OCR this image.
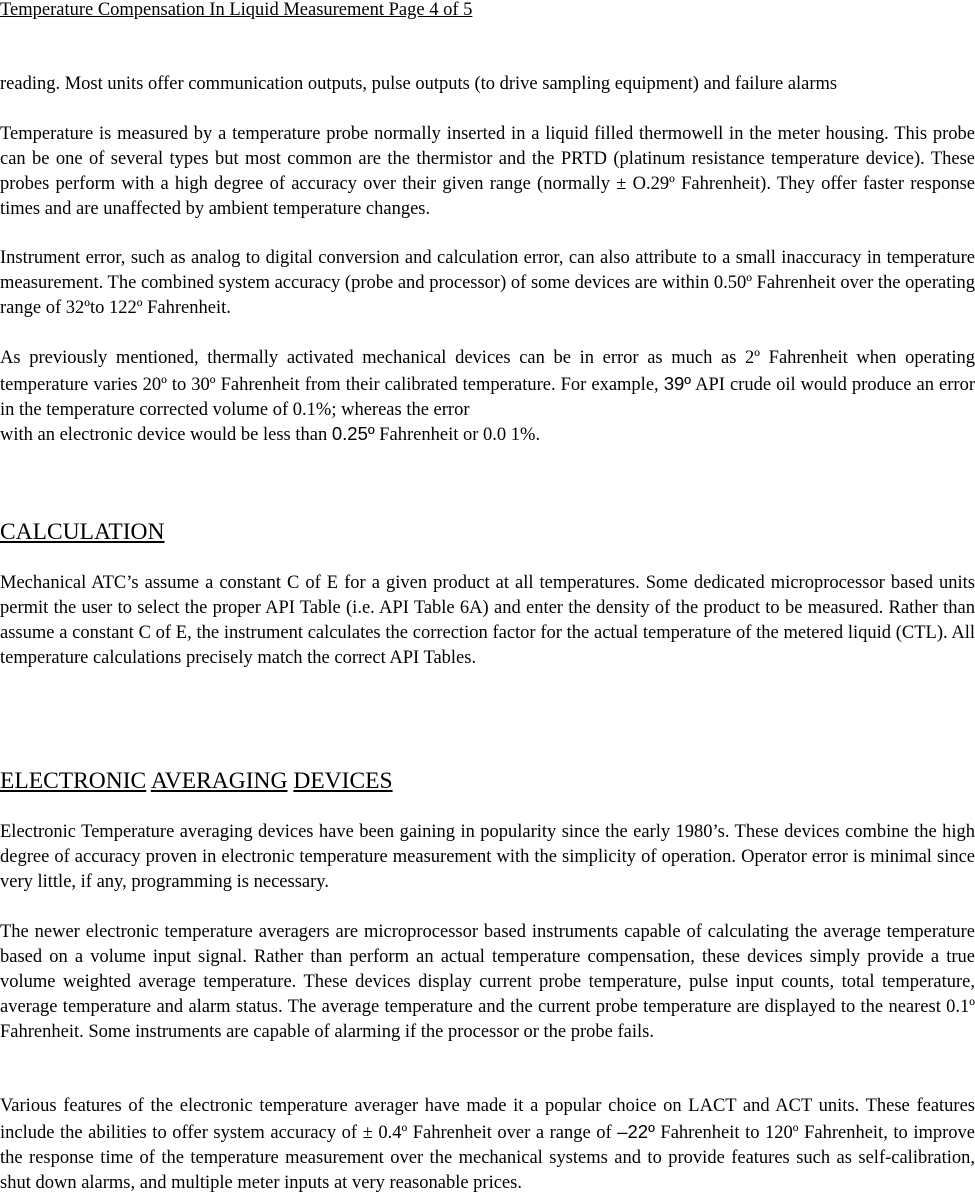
Temperature Compensation In Liquid Measurement Page 4 of 5

reading. Most units offer communication outputs, pulse outputs (to drive sampling equipment) and failure alarms

Temperature is measured by a temperature probe normally inserted in a liquid filled thermowell in the meter housing. This probe can be one of several types but most common are the thermistor and the PRTD (platinum resistance temperature device). These probes perform with a high degree of accuracy over their given range (normally ± O.29º Fahrenheit). They offer faster response times and are unaffected by ambient temperature changes.

Instrument error, such as analog to digital conversion and calculation error, can also attribute to a small inaccuracy in temperature measurement. The combined system accuracy (probe and processor) of some devices are within 0.50º Fahrenheit over the operating range of 32ºto 122º Fahrenheit.

As previously mentioned, thermally activated mechanical devices can be in error as much as 2º Fahrenheit when operating temperature varies 20º to 30º Fahrenheit from their calibrated temperature. For example, 39º API crude oil would produce an error in the temperature corrected volume of 0.1%; whereas the error

with an electronic device would be less than 0.25º Fahrenheit or 0.0 1%.

CALCULATION

Mechanical ATC’s assume a constant C of E for a given product at all temperatures. Some dedicated microprocessor based units permit the user to select the proper API Table (i.e. API Table 6A) and enter the density of the product to be measured. Rather than assume a constant C of E, the instrument calculates the correction factor for the actual temperature of the metered liquid (CTL). All temperature calculations precisely match the correct API Tables.

ELECTRONIC AVERAGING DEVICES

Electronic Temperature averaging devices have been gaining in popularity since the early 1980’s. These devices combine the high degree of accuracy proven in electronic temperature measurement with the simplicity of operation. Operator error is minimal since very little, if any, programming is necessary.

The newer electronic temperature averagers are microprocessor based instruments capable of calculating the average temperature based on a volume input signal. Rather than perform an actual temperature compensation, these devices simply provide a true volume weighted average temperature. These devices display current probe temperature, pulse input counts, total temperature, average temperature and alarm status. The average temperature and the current probe temperature are displayed to the nearest 0.1º Fahrenheit. Some instruments are capable of alarming if the processor or the probe fails.

Various features of the electronic temperature averager have made it a popular choice on LACT and ACT units. These features include the abilities to offer system accuracy of ± 0.4º Fahrenheit over a range of –22º Fahrenheit to 120º Fahrenheit, to improve the response time of the temperature measurement over the mechanical systems and to provide features such as self-calibration, shut down alarms, and multiple meter inputs at very reasonable prices.
